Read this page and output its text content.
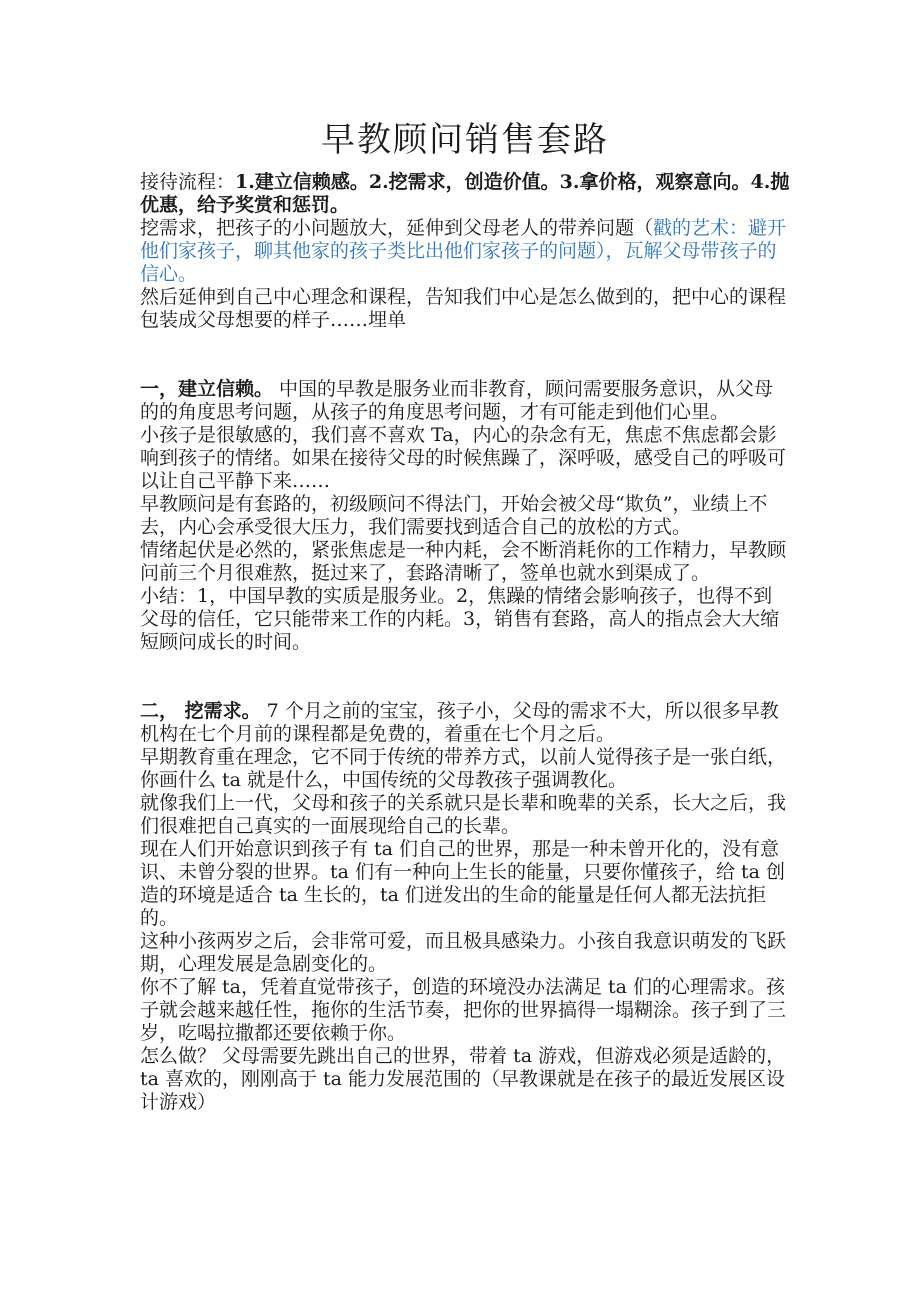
早教顾问销售套路

接待流程：1.建立信赖感。2.挖需求，创造价值。3.拿价格，观察意向。4.抛优惠，给予奖赏和惩罚。

挖需求，把孩子的小问题放大，延伸到父母老人的带养问题（戳的艺术：避开他们家孩子，聊其他家的孩子类比出他们家孩子的问题），瓦解父母带孩子的信心。

然后延伸到自己中心理念和课程，告知我们中心是怎么做到的，把中心的课程包装成父母想要的样子……埋单

一，建立信赖。 中国的早教是服务业而非教育，顾问需要服务意识，从父母的的角度思考问题，从孩子的角度思考问题，才有可能走到他们心里。

小孩子是很敏感的，我们喜不喜欢 Ta，内心的杂念有无，焦虑不焦虑都会影响到孩子的情绪。如果在接待父母的时候焦躁了，深呼吸，感受自己的呼吸可以让自己平静下来……

早教顾问是有套路的，初级顾问不得法门，开始会被父母“欺负”，业绩上不去，内心会承受很大压力，我们需要找到适合自己的放松的方式。

情绪起伏是必然的，紧张焦虑是一种内耗，会不断消耗你的工作精力，早教顾问前三个月很难熬，挺过来了，套路清晰了，签单也就水到渠成了。

小结：1，中国早教的实质是服务业。2，焦躁的情绪会影响孩子，也得不到父母的信任，它只能带来工作的内耗。3，销售有套路，高人的指点会大大缩短顾问成长的时间。

二， 挖需求。 7 个月之前的宝宝，孩子小，父母的需求不大，所以很多早教机构在七个月前的课程都是免费的，着重在七个月之后。

早期教育重在理念，它不同于传统的带养方式，以前人觉得孩子是一张白纸，你画什么 ta 就是什么，中国传统的父母教孩子强调教化。

就像我们上一代，父母和孩子的关系就只是长辈和晚辈的关系，长大之后，我们很难把自己真实的一面展现给自己的长辈。

现在人们开始意识到孩子有 ta 们自己的世界，那是一种未曾开化的，没有意识、未曾分裂的世界。ta 们有一种向上生长的能量，只要你懂孩子，给 ta 创造的环境是适合 ta 生长的，ta 们迸发出的生命的能量是任何人都无法抗拒的。

这种小孩两岁之后，会非常可爱，而且极具感染力。小孩自我意识萌发的飞跃期，心理发展是急剧变化的。

你不了解 ta，凭着直觉带孩子，创造的环境没办法满足 ta 们的心理需求。孩子就会越来越任性，拖你的生活节奏，把你的世界搞得一塌糊涂。孩子到了三岁，吃喝拉撒都还要依赖于你。

怎么做？ 父母需要先跳出自己的世界，带着 ta 游戏，但游戏必须是适龄的，ta 喜欢的，刚刚高于 ta 能力发展范围的（早教课就是在孩子的最近发展区设计游戏）
